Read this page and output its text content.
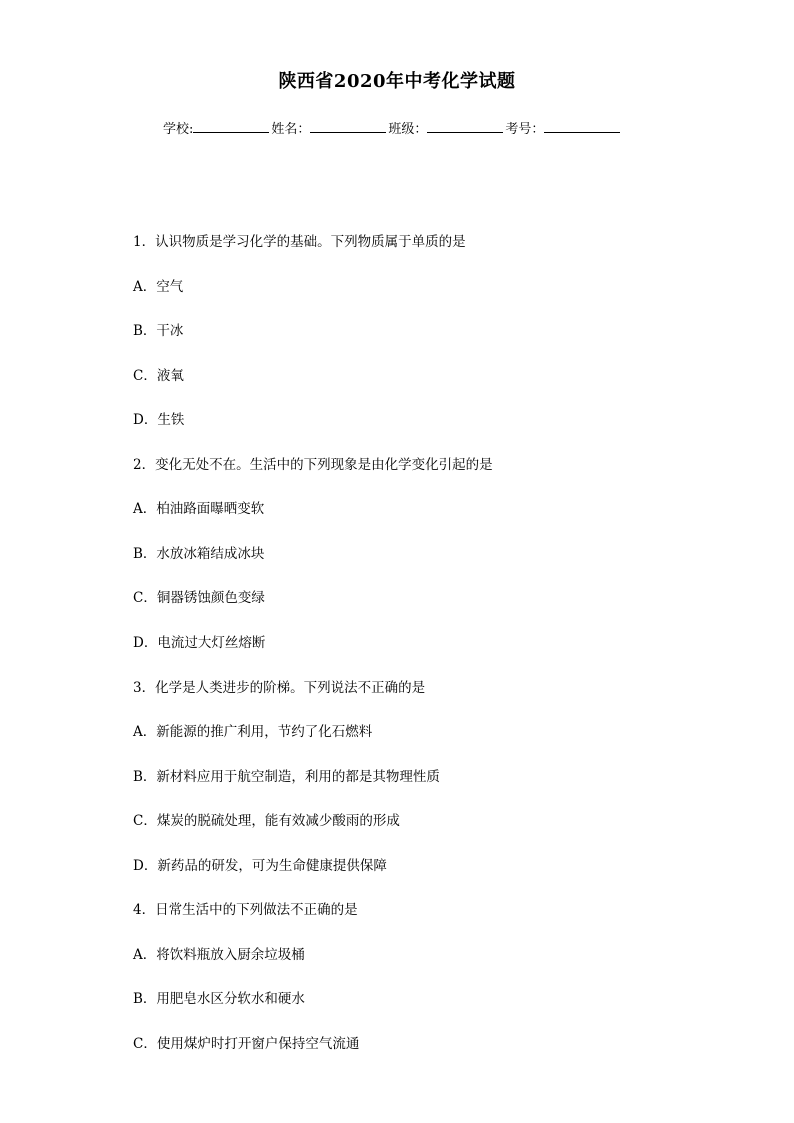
陕西省2020年中考化学试题
学校:	姓名：	班级：	考号：
1．认识物质是学习化学的基础。下列物质属于单质的是
A．空气
B．干冰
C．液氧
D．生铁
2．变化无处不在。生活中的下列现象是由化学变化引起的是
A．柏油路面曝晒变软
B．水放冰箱结成冰块
C．铜器锈蚀颜色变绿
D．电流过大灯丝熔断
3．化学是人类进步的阶梯。下列说法不正确的是
A．新能源的推广利用，节约了化石燃料
B．新材料应用于航空制造，利用的都是其物理性质
C．煤炭的脱硫处理，能有效减少酸雨的形成
D．新药品的研发，可为生命健康提供保障
4．日常生活中的下列做法不正确的是
A．将饮料瓶放入厨余垃圾桶
B．用肥皂水区分软水和硬水
C．使用煤炉时打开窗户保持空气流通
